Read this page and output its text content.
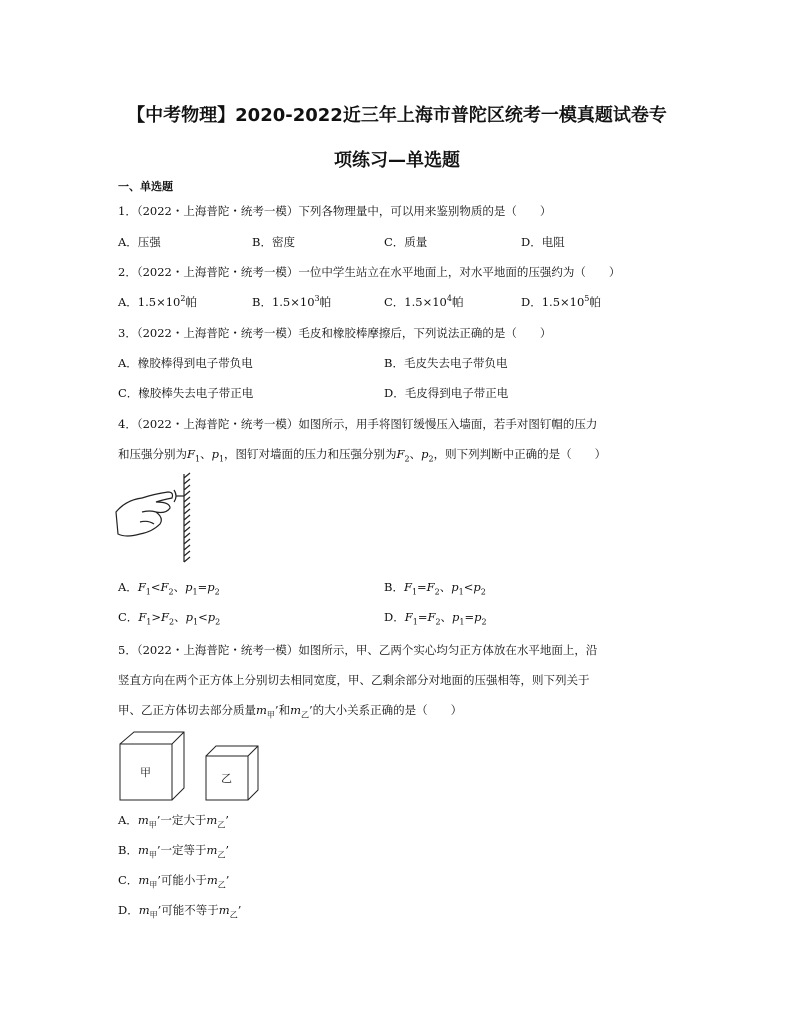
【中考物理】2020-2022近三年上海市普陀区统考一模真题试卷专
项练习—单选题
一、单选题
1．（2022・上海普陀・统考一模）下列各物理量中，可以用来鉴别物质的是（　　）
A．压强	B．密度	C．质量	D．电阻
2．（2022・上海普陀・统考一模）一位中学生站立在水平地面上，对水平地面的压强约为（　　）
A．$1.5\times 10^2$帕	B．$1.5\times 10^3$帕	C．$1.5\times 10^4$帕	D．$1.5\times 10^5$帕
3．（2022・上海普陀・统考一模）毛皮和橡胶棒摩擦后，下列说法正确的是（　　）
A．橡胶棒得到电子带负电	B．毛皮失去电子带负电
C．橡胶棒失去电子带正电	D．毛皮得到电子带正电
4．（2022・上海普陀・统考一模）如图所示，用手将图钉缓慢压入墙面，若手对图钉帽的压力
和压强分别为$F_1$、$p_1$，图钉对墙面的压力和压强分别为$F_2$、$p_2$，则下列判断中正确的是（　　）
A．$F_1<F_2$、$p_1=p_2$	B．$F_1=F_2$、$p_1<p_2$
C．$F_1>F_2$、$p_1<p_2$	D．$F_1=F_2$、$p_1=p_2$
5．（2022・上海普陀・统考一模）如图所示，甲、乙两个实心均匀正方体放在水平地面上，沿
竖直方向在两个正方体上分别切去相同宽度，甲、乙剩余部分对地面的压强相等，则下列关于
甲、乙正方体切去部分质量$m_甲$’和$m_乙$’的大小关系正确的是（　　）
甲	乙
A．$m_甲$’一定大于$m_乙$’
B．$m_甲$’一定等于$m_乙$’
C．$m_甲$’可能小于$m_乙$’
D．$m_甲$’可能不等于$m_乙$’
